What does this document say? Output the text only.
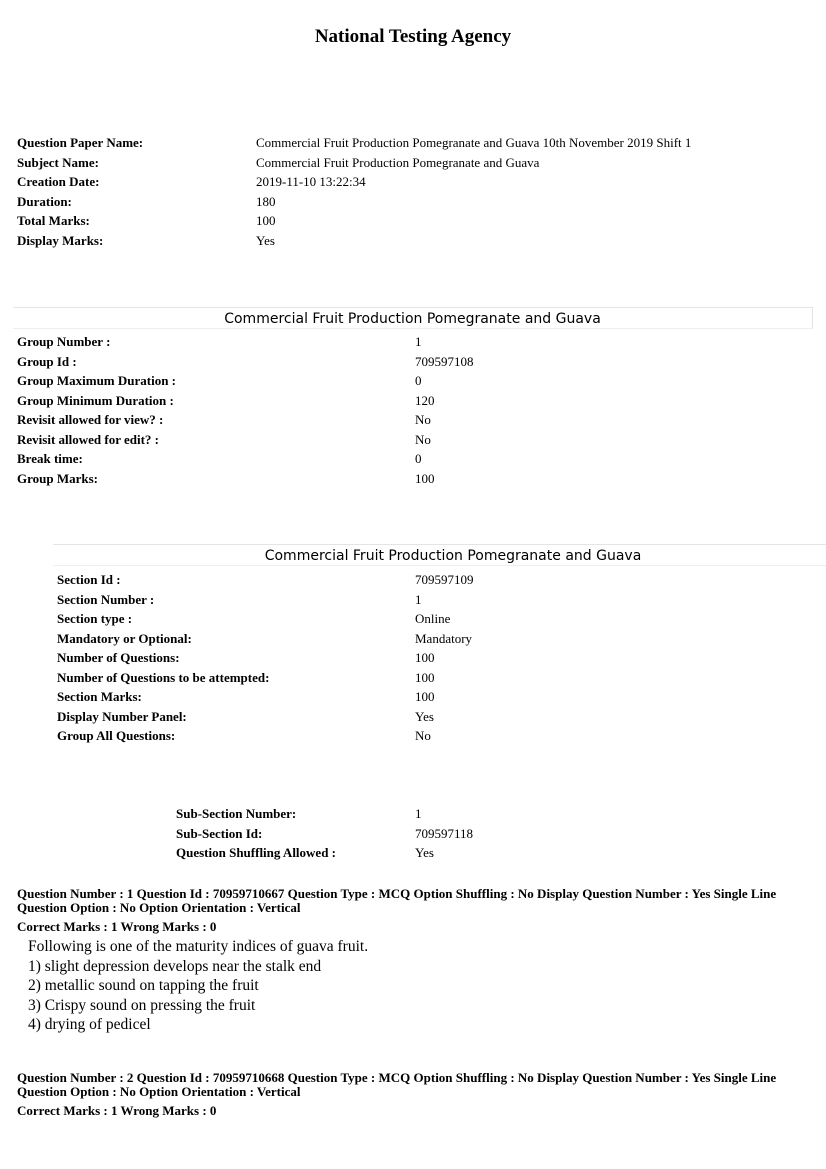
National Testing Agency
Question Paper Name:	Commercial Fruit Production Pomegranate and Guava 10th November 2019 Shift 1
Subject Name:	Commercial Fruit Production Pomegranate and Guava
Creation Date:	2019-11-10 13:22:34
Duration:	180
Total Marks:	100
Display Marks:	Yes
Commercial Fruit Production Pomegranate and Guava
Group Number :	1
Group Id :	709597108
Group Maximum Duration :	0
Group Minimum Duration :	120
Revisit allowed for view? :	No
Revisit allowed for edit? :	No
Break time:	0
Group Marks:	100
Commercial Fruit Production Pomegranate and Guava
Section Id :	709597109
Section Number :	1
Section type :	Online
Mandatory or Optional:	Mandatory
Number of Questions:	100
Number of Questions to be attempted:	100
Section Marks:	100
Display Number Panel:	Yes
Group All Questions:	No
Sub-Section Number:	1
Sub-Section Id:	709597118
Question Shuffling Allowed :	Yes
Question Number : 1 Question Id : 70959710667 Question Type : MCQ Option Shuffling : No Display Question Number : Yes Single Line Question Option : No Option Orientation : Vertical
Correct Marks : 1 Wrong Marks : 0
Following is one of the maturity indices of guava fruit.
1) slight depression develops near the stalk end
2) metallic sound on tapping the fruit
3) Crispy sound on pressing the fruit
4) drying of pedicel
Question Number : 2 Question Id : 70959710668 Question Type : MCQ Option Shuffling : No Display Question Number : Yes Single Line Question Option : No Option Orientation : Vertical
Correct Marks : 1 Wrong Marks : 0
